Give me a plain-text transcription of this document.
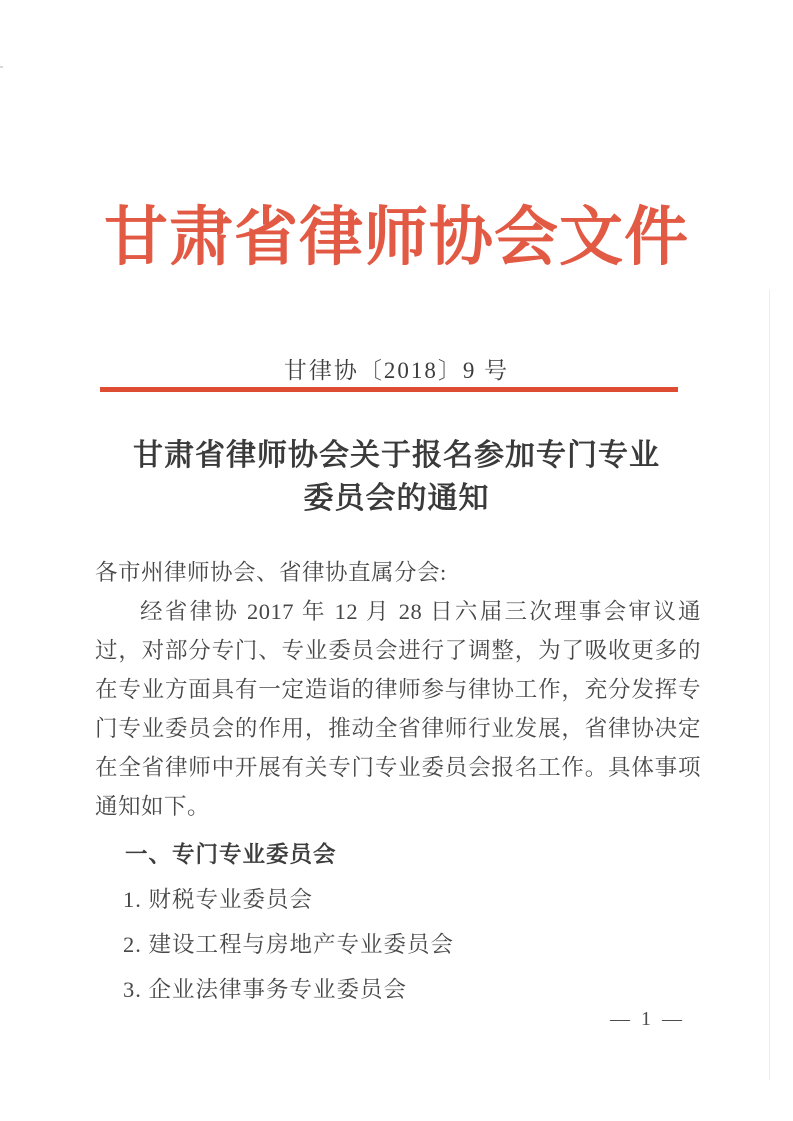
甘肃省律师协会文件
甘律协〔2018〕9 号
甘肃省律师协会关于报名参加专门专业
委员会的通知
各市州律师协会、省律协直属分会:
经省律协 2017 年 12 月 28 日六届三次理事会审议通过，对部分专门、专业委员会进行了调整，为了吸收更多的在专业方面具有一定造诣的律师参与律协工作，充分发挥专门专业委员会的作用，推动全省律师行业发展，省律协决定在全省律师中开展有关专门专业委员会报名工作。具体事项通知如下。
一、专门专业委员会
1. 财税专业委员会
2. 建设工程与房地产专业委员会
3. 企业法律事务专业委员会
— 1 —
